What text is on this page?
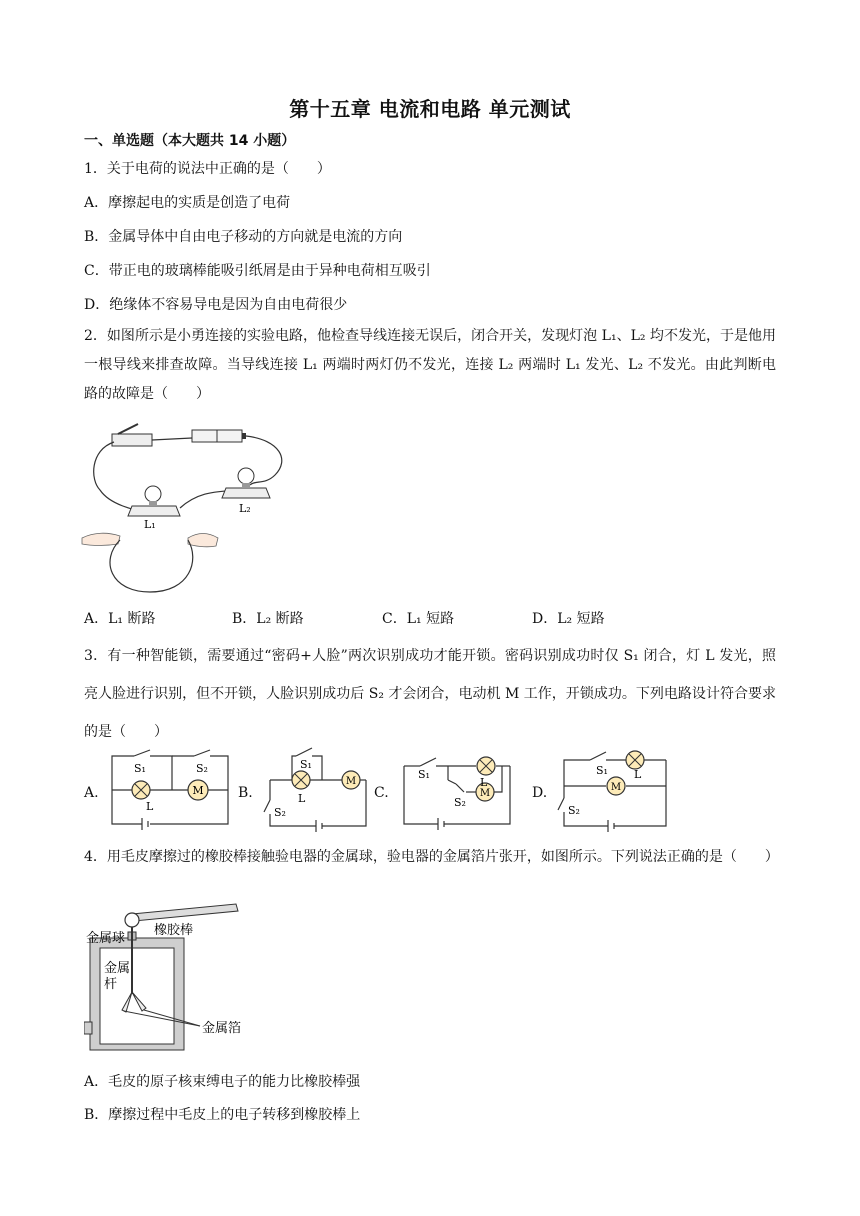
第十五章 电流和电路 单元测试
一、单选题（本大题共 14 小题）
1．关于电荷的说法中正确的是（　　）
A．摩擦起电的实质是创造了电荷
B．金属导体中自由电子移动的方向就是电流的方向
C．带正电的玻璃棒能吸引纸屑是由于异种电荷相互吸引
D．绝缘体不容易导电是因为自由电荷很少
2．如图所示是小勇连接的实验电路，他检查导线连接无误后，闭合开关，发现灯泡 L₁、L₂ 均不发光，于是他用一根导线来排查故障。当导线连接 L₁ 两端时两灯仍不发光，连接 L₂ 两端时 L₁ 发光、L₂ 不发光。由此判断电路的故障是（　　）
L₁
L₂
A．L₁ 断路	B．L₂ 断路	C．L₁ 短路	D．L₂ 短路
3．有一种智能锁，需要通过“密码+人脸”两次识别成功才能开锁。密码识别成功时仅 S₁ 闭合，灯 L 发光，照亮人脸进行识别，但不开锁，人脸识别成功后 S₂ 才会闭合，电动机 M 工作，开锁成功。下列电路设计符合要求的是（　　）
A.	M
S₁	S₂
L
B.
M
S₁
L
S₂
C.	M
S₁
L
S₂
D.	M
S₁ L
S₂
4．用毛皮摩擦过的橡胶棒接触验电器的金属球，验电器的金属箔片张开，如图所示。下列说法正确的是（　　）
金属球
橡胶棒
金属
杆
金属箔
A．毛皮的原子核束缚电子的能力比橡胶棒强
B．摩擦过程中毛皮上的电子转移到橡胶棒上
